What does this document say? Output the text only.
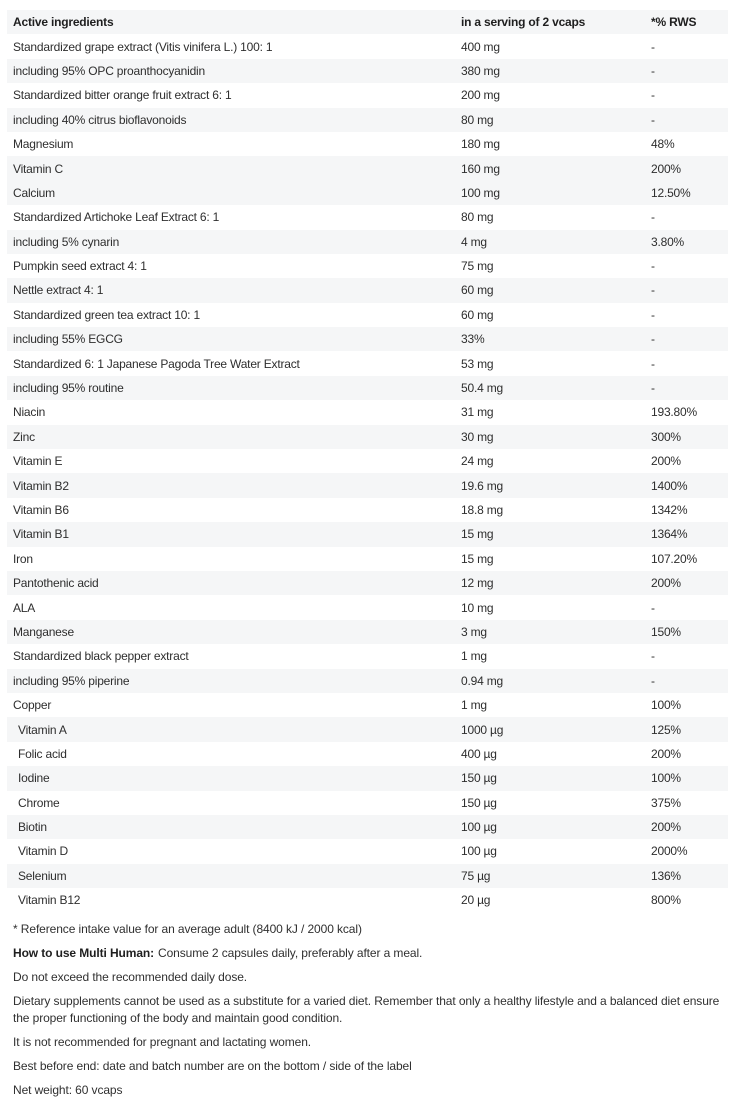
Active ingredients	in a serving of 2 vcaps	*% RWS
Standardized grape extract (Vitis vinifera L.) 100: 1	400 mg	-
including 95% OPC proanthocyanidin	380 mg	-
Standardized bitter orange fruit extract 6: 1	200 mg	-
including 40% citrus bioflavonoids	80 mg	-
Magnesium	180 mg	48%
Vitamin C	160 mg	200%
Calcium	100 mg	12.50%
Standardized Artichoke Leaf Extract 6: 1	80 mg	-
including 5% cynarin	4 mg	3.80%
Pumpkin seed extract 4: 1	75 mg	-
Nettle extract 4: 1	60 mg	-
Standardized green tea extract 10: 1	60 mg	-
including 55% EGCG	33%	-
Standardized 6: 1 Japanese Pagoda Tree Water Extract	53 mg	-
including 95% routine	50.4 mg	-
Niacin	31 mg	193.80%
Zinc	30 mg	300%
Vitamin E	24 mg	200%
Vitamin B2	19.6 mg	1400%
Vitamin B6	18.8 mg	1342%
Vitamin B1	15 mg	1364%
Iron	15 mg	107.20%
Pantothenic acid	12 mg	200%
ALA	10 mg	-
Manganese	3 mg	150%
Standardized black pepper extract	1 mg	-
including 95% piperine	0.94 mg	-
Copper	1 mg	100%
Vitamin A	1000 µg	125%
Folic acid	400 µg	200%
Iodine	150 µg	100%
Chrome	150 µg	375%
Biotin	100 µg	200%
Vitamin D	100 µg	2000%
Selenium	75 µg	136%
Vitamin B12	20 µg	800%

* Reference intake value for an average adult (8400 kJ / 2000 kcal)

How to use Multi Human: Consume 2 capsules daily, preferably after a meal.

Do not exceed the recommended daily dose.

Dietary supplements cannot be used as a substitute for a varied diet. Remember that only a healthy lifestyle and a balanced diet ensure the proper functioning of the body and maintain good condition.

It is not recommended for pregnant and lactating women.

Best before end: date and batch number are on the bottom / side of the label

Net weight: 60 vcaps
